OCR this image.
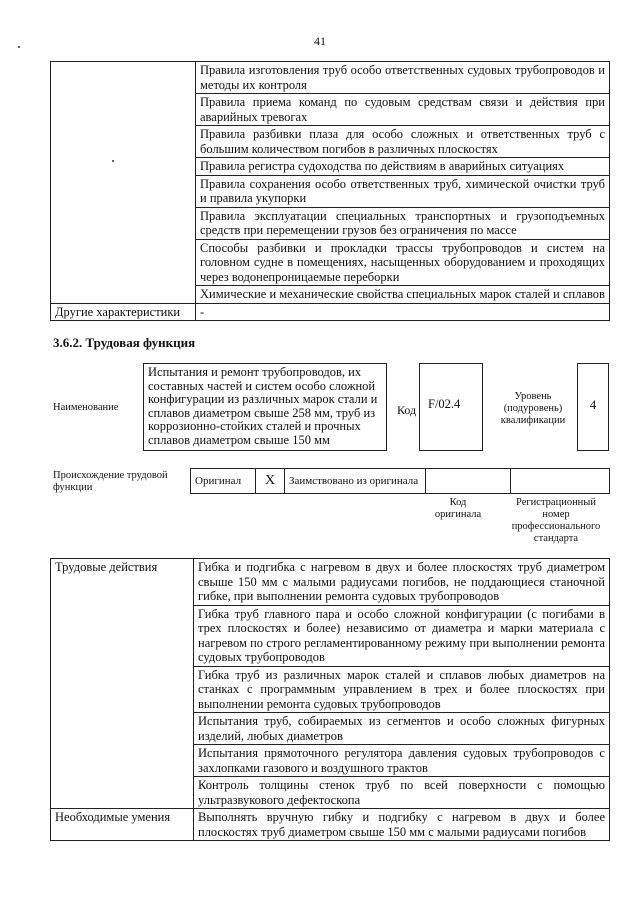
41
	Правила изготовления труб особо ответственных судовых трубопроводов и методы их контроля
	Правила приема команд по судовым средствам связи и действия при аварийных тревогах
	Правила разбивки плаза для особо сложных и ответственных труб с большим количеством погибов в различных плоскостях
	Правила регистра судоходства по действиям в аварийных ситуациях
	Правила сохранения особо ответственных труб, химической очистки труб и правила укупорки
	Правила эксплуатации специальных транспортных и грузоподъемных средств при перемещении грузов без ограничения по массе
	Способы разбивки и прокладки трассы трубопроводов и систем на головном судне в помещениях, насыщенных оборудованием и проходящих через водонепроницаемые переборки
	Химические и механические свойства специальных марок сталей и сплавов
Другие характеристики	-
3.6.2. Трудовая функция
Наименование
Испытания и ремонт трубопроводов, их составных частей и систем особо сложной конфигурации из различных марок стали и сплавов диаметром свыше 258 мм, труб из коррозионно-стойких сталей и прочных сплавов диаметром свыше 150 мм
Код F/02.4
Уровень (подуровень) квалификации
4
Происхождение трудовой функции
Оригинал	X	Заимствовано из оригинала		
Код оригинала
Регистрационный номер профессионального стандарта
Трудовые действия	Гибка и подгибка с нагревом в двух и более плоскостях труб диаметром свыше 150 мм с малыми радиусами погибов, не поддающиеся станочной гибке, при выполнении ремонта судовых трубопроводов
	Гибка труб главного пара и особо сложной конфигурации (с погибами в трех плоскостях и более) независимо от диаметра и марки материала с нагревом по строго регламентированному режиму при выполнении ремонта судовых трубопроводов
	Гибка труб из различных марок сталей и сплавов любых диаметров на станках с программным управлением в трех и более плоскостях при выполнении ремонта судовых трубопроводов
	Испытания труб, собираемых из сегментов и особо сложных фигурных изделий, любых диаметров
	Испытания прямоточного регулятора давления судовых трубопроводов с захлопками газового и воздушного трактов
	Контроль толщины стенок труб по всей поверхности с помощью ультразвукового дефектоскопа
Необходимые умения	Выполнять вручную гибку и подгибку с нагревом в двух и более плоскостях труб диаметром свыше 150 мм с малыми радиусами погибов
